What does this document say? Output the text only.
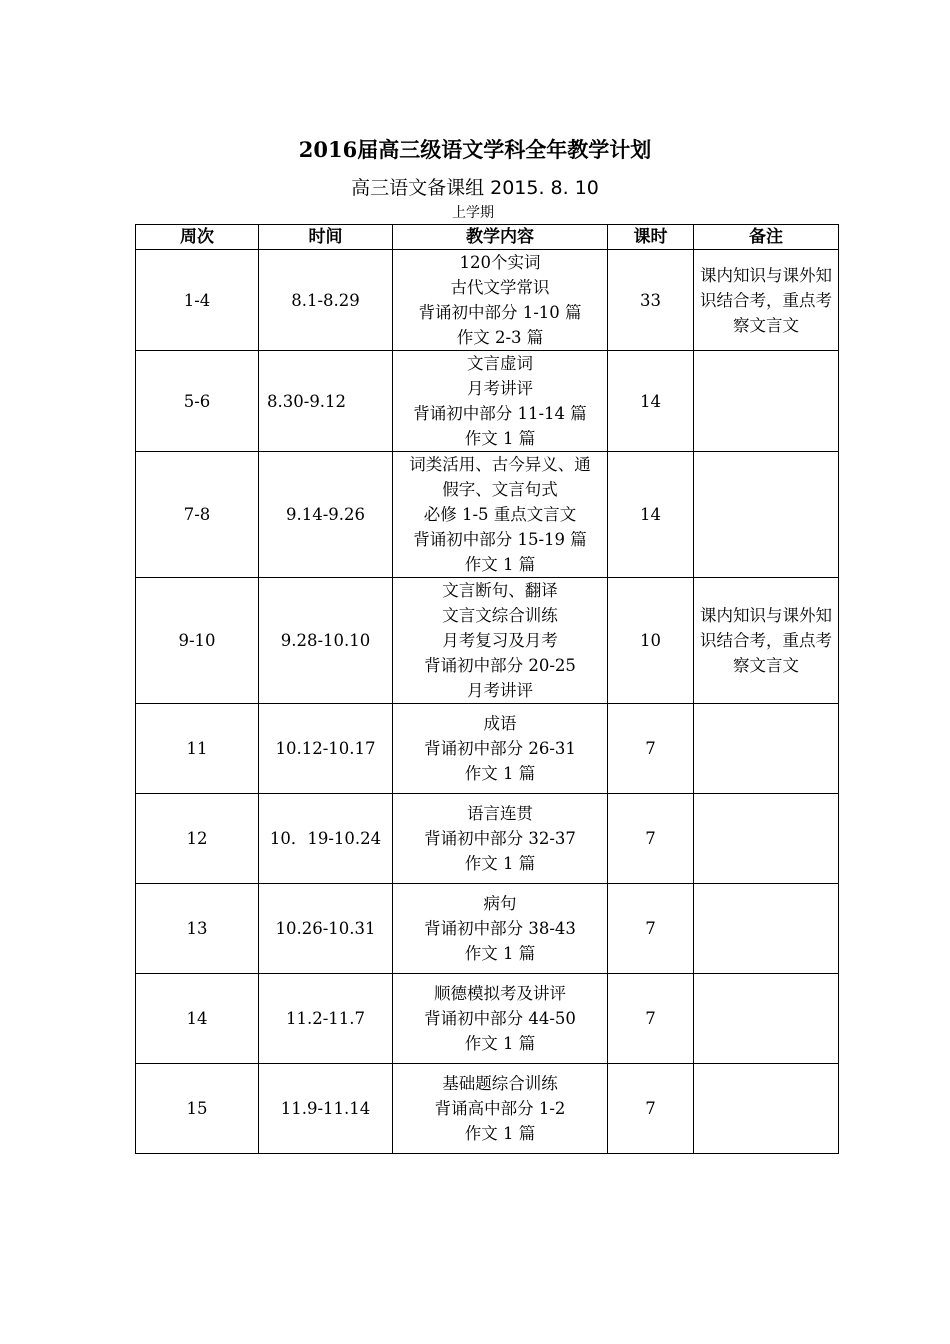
2016届高三级语文学科全年教学计划
高三语文备课组 2015. 8. 10
上学期
周次	时间	教学内容	课时	备注
1-4	8.1-8.29	120个实词
古代文学常识
背诵初中部分 1-10 篇
作文 2-3 篇	33	课内知识与课外知识结合考，重点考察文言文
5-6	8.30-9.12	文言虚词
月考讲评
背诵初中部分 11-14 篇
作文 1 篇	14	
7-8	9.14-9.26	词类活用、古今异义、通
假字、文言句式
必修 1-5 重点文言文
背诵初中部分 15-19 篇
作文 1 篇	14	
9-10	9.28-10.10	文言断句、翻译
文言文综合训练
月考复习及月考
背诵初中部分 20-25
月考讲评	10	课内知识与课外知识结合考，重点考察文言文
11	10.12-10.17	成语
背诵初中部分 26-31
作文 1 篇	7	
12	10．19-10.24	语言连贯
背诵初中部分 32-37
作文 1 篇	7	
13	10.26-10.31	病句
背诵初中部分 38-43
作文 1 篇	7	
14	11.2-11.7	顺德模拟考及讲评
背诵初中部分 44-50
作文 1 篇	7	
15	11.9-11.14	基础题综合训练
背诵高中部分 1-2
作文 1 篇	7	
